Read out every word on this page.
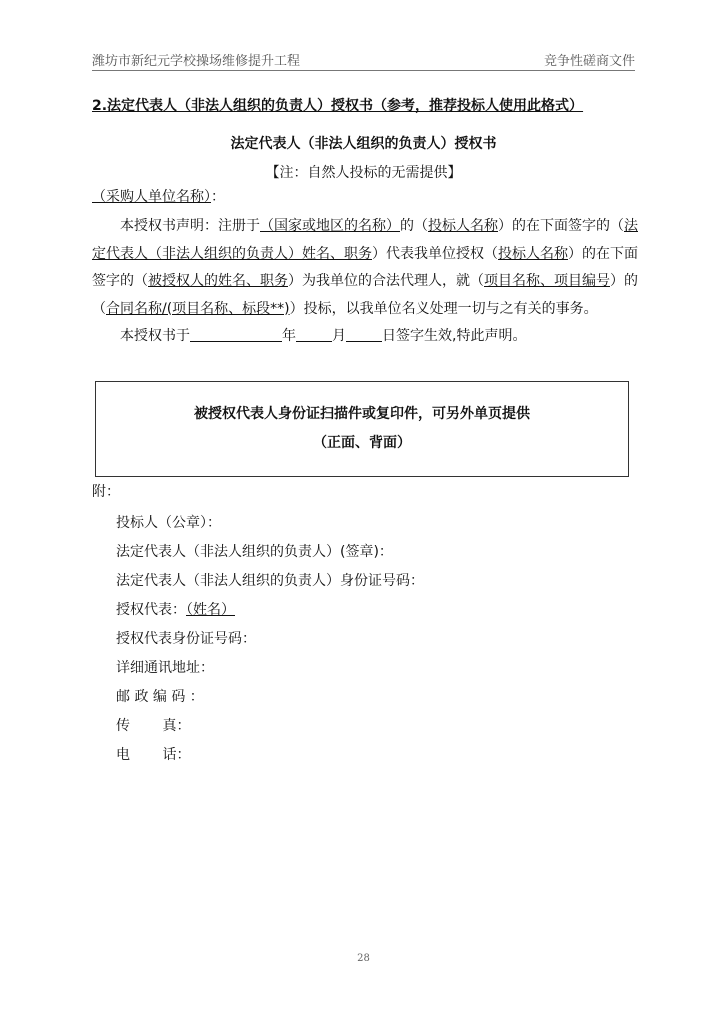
潍坊市新纪元学校操场维修提升工程	竞争性磋商文件
2.法定代表人（非法人组织的负责人）授权书（参考，推荐投标人使用此格式）
法定代表人（非法人组织的负责人）授权书
【注：自然人投标的无需提供】
（采购人单位名称）：

本授权书声明：注册于（国家或地区的名称）的（投标人名称）的在下面签字的（法定代表人（非法人组织的负责人）姓名、职务）代表我单位授权（投标人名称）的在下面签字的（被授权人的姓名、职务）为我单位的合法代理人，就（项目名称、项目编号）的（合同名称/(项目名称、标段**)）投标，以我单位名义处理一切与之有关的事务。

本授权书于	年	月	日签字生效,特此声明。

被授权代表人身份证扫描件或复印件，可另外单页提供
（正面、背面）
附：
投标人（公章）：
法定代表人（非法人组织的负责人）(签章)：
法定代表人（非法人组织的负责人）身份证号码：
授权代表：（姓名）
授权代表身份证号码：
详细通讯地址：
邮 政 编 码 ：
传　　 真：
电　　 话：
28
